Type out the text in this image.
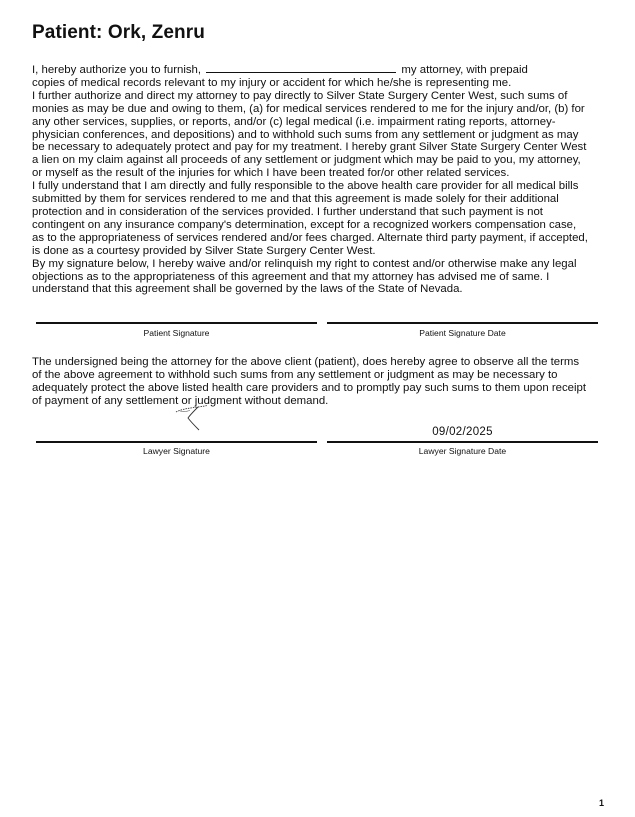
Patient: Ork, Zenru
I, hereby authorize you to furnish,	my attorney, with prepaid
copies of medical records relevant to my injury or accident for which he/she is representing me.
I further authorize and direct my attorney to pay directly to Silver State Surgery Center West, such sums of
monies as may be due and owing to them, (a) for medical services rendered to me for the injury and/or, (b) for
any other services, supplies, or reports, and/or (c) legal medical (i.e. impairment rating reports, attorney-
physician conferences, and depositions) and to withhold such sums from any settlement or judgment as may
be necessary to adequately protect and pay for my treatment. I hereby grant Silver State Surgery Center West
a lien on my claim against all proceeds of any settlement or judgment which may be paid to you, my attorney,
or myself as the result of the injuries for which I have been treated for/or other related services.
I fully understand that I am directly and fully responsible to the above health care provider for all medical bills
submitted by them for services rendered to me and that this agreement is made solely for their additional
protection and in consideration of the services provided. I further understand that such payment is not
contingent on any insurance company's determination, except for a recognized workers compensation case,
as to the appropriateness of services rendered and/or fees charged. Alternate third party payment, if accepted,
is done as a courtesy provided by Silver State Surgery Center West.
By my signature below, I hereby waive and/or relinquish my right to contest and/or otherwise make any legal
objections as to the appropriateness of this agreement and that my attorney has advised me of same. I
understand that this agreement shall be governed by the laws of the State of Nevada.
Patient Signature	Patient Signature Date
The undersigned being the attorney for the above client (patient), does hereby agree to observe all the terms
of the above agreement to withhold such sums from any settlement or judgment as may be necessary to
adequately protect the above listed health care providers and to promptly pay such sums to them upon receipt
of payment of any settlement or judgment without demand.
09/02/2025
Lawyer Signature	Lawyer Signature Date
1
